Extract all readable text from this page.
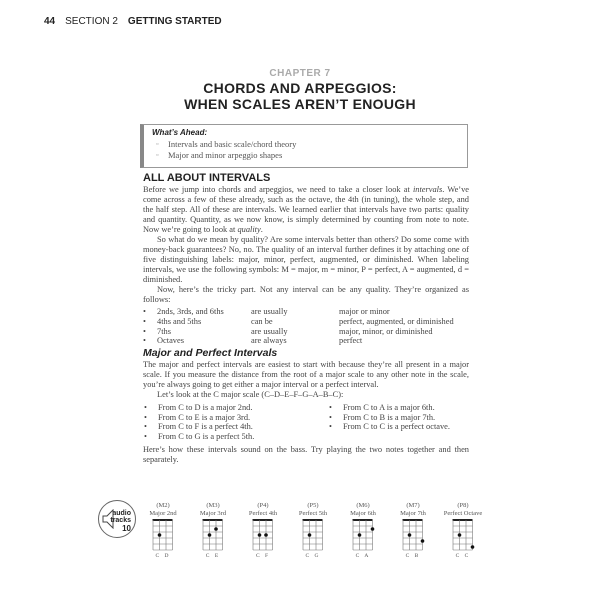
44 SECTION 2 GETTING STARTED
CHAPTER 7
CHORDS AND ARPEGGIOS:
WHEN SCALES AREN’T ENOUGH
What’s Ahead:
▫ Intervals and basic scale/chord theory
▫ Major and minor arpeggio shapes
ALL ABOUT INTERVALS

Before we jump into chords and arpeggios, we need to take a closer look at intervals. We’ve come across a few of these already, such as the octave, the 4th (in tuning), the whole step, and the half step. All of these are intervals. We learned earlier that intervals have two parts: quality and quantity. Quantity, as we now know, is simply determined by counting from note to note. Now we’re going to look at quality.

So what do we mean by quality? Are some intervals better than others? Do some come with money-back guarantees? No, no. The quality of an interval further defines it by attaching one of five distinguishing labels: major, minor, perfect, augmented, or diminished. When labeling intervals, we use the following symbols: M = major, m = minor, P = perfect, A = augmented, d = diminished.

Now, here’s the tricky part. Not any interval can be any quality. They’re organized as follows:

• 2nds, 3rds, and 6ths	are usually	major or minor
• 4ths and 5ths	can be	perfect, augmented, or diminished
• 7ths	are usually	major, minor, or diminished
• Octaves	are always	perfect
Major and Perfect Intervals

The major and perfect intervals are easiest to start with because they’re all present in a major scale. If you measure the distance from the root of a major scale to any other note in the scale, you’re always going to get either a major interval or a perfect interval.

Let’s look at the C major scale (C–D–E–F–G–A–B–C):

• From C to D is a major 2nd.
• From C to E is a major 3rd.
• From C to F is a perfect 4th.
• From C to G is a perfect 5th.
• From C to A is a major 6th.
• From C to B is a major 7th.
• From C to C is a perfect octave.

Here’s how these intervals sound on the bass. Try playing the two notes together and then separately.

audio
tracks
10
(M2)
Major 2nd
C D
(M3)
Major 3rd
C E
(P4)
Perfect 4th
C F
(P5)
Perfect 5th
C G
(M6)
Major 6th
C A
(M7)
Major 7th
C B
(P8)
Perfect Octave
C C
